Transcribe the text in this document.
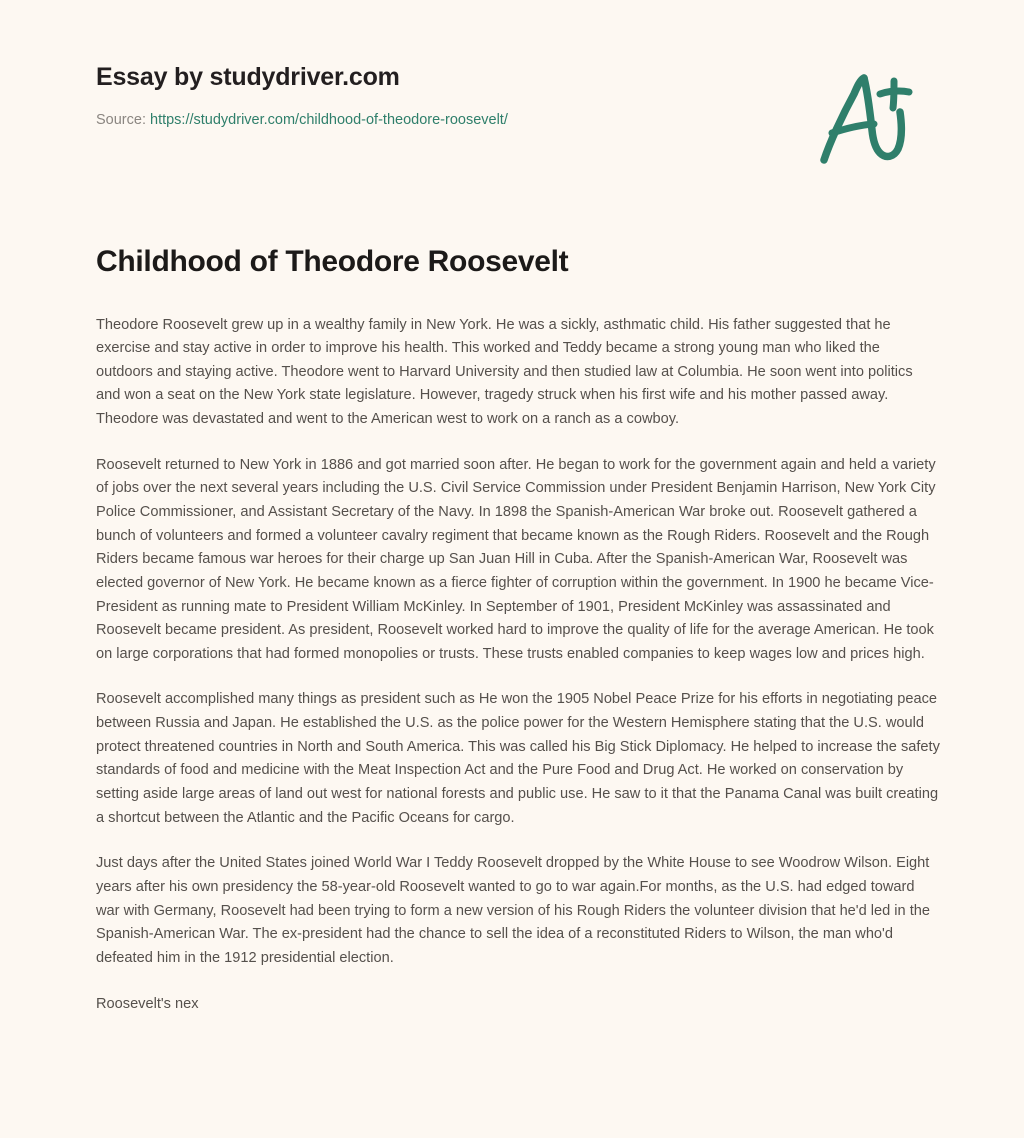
Essay by studydriver.com
Source: https://studydriver.com/childhood-of-theodore-roosevelt/
Childhood of Theodore Roosevelt

Theodore Roosevelt grew up in a wealthy family in New York. He was a sickly, asthmatic child. His father suggested that he exercise and stay active in order to improve his health. This worked and Teddy became a strong young man who liked the outdoors and staying active. Theodore went to Harvard University and then studied law at Columbia. He soon went into politics and won a seat on the New York state legislature. However, tragedy struck when his first wife and his mother passed away. Theodore was devastated and went to the American west to work on a ranch as a cowboy.

Roosevelt returned to New York in 1886 and got married soon after. He began to work for the government again and held a variety of jobs over the next several years including the U.S. Civil Service Commission under President Benjamin Harrison, New York City Police Commissioner, and Assistant Secretary of the Navy. In 1898 the Spanish-American War broke out. Roosevelt gathered a bunch of volunteers and formed a volunteer cavalry regiment that became known as the Rough Riders. Roosevelt and the Rough Riders became famous war heroes for their charge up San Juan Hill in Cuba. After the Spanish-American War, Roosevelt was elected governor of New York. He became known as a fierce fighter of corruption within the government. In 1900 he became Vice-President as running mate to President William McKinley. In September of 1901, President McKinley was assassinated and Roosevelt became president. As president, Roosevelt worked hard to improve the quality of life for the average American. He took on large corporations that had formed monopolies or trusts. These trusts enabled companies to keep wages low and prices high.

Roosevelt accomplished many things as president such as He won the 1905 Nobel Peace Prize for his efforts in negotiating peace between Russia and Japan. He established the U.S. as the police power for the Western Hemisphere stating that the U.S. would protect threatened countries in North and South America. This was called his Big Stick Diplomacy. He helped to increase the safety standards of food and medicine with the Meat Inspection Act and the Pure Food and Drug Act. He worked on conservation by setting aside large areas of land out west for national forests and public use. He saw to it that the Panama Canal was built creating a shortcut between the Atlantic and the Pacific Oceans for cargo.

Just days after the United States joined World War I Teddy Roosevelt dropped by the White House to see Woodrow Wilson. Eight years after his own presidency the 58-year-old Roosevelt wanted to go to war again.For months, as the U.S. had edged toward war with Germany, Roosevelt had been trying to form a new version of his Rough Riders the volunteer division that he'd led in the Spanish-American War. The ex-president had the chance to sell the idea of a reconstituted Riders to Wilson, the man who'd defeated him in the 1912 presidential election.

Roosevelt's nex
